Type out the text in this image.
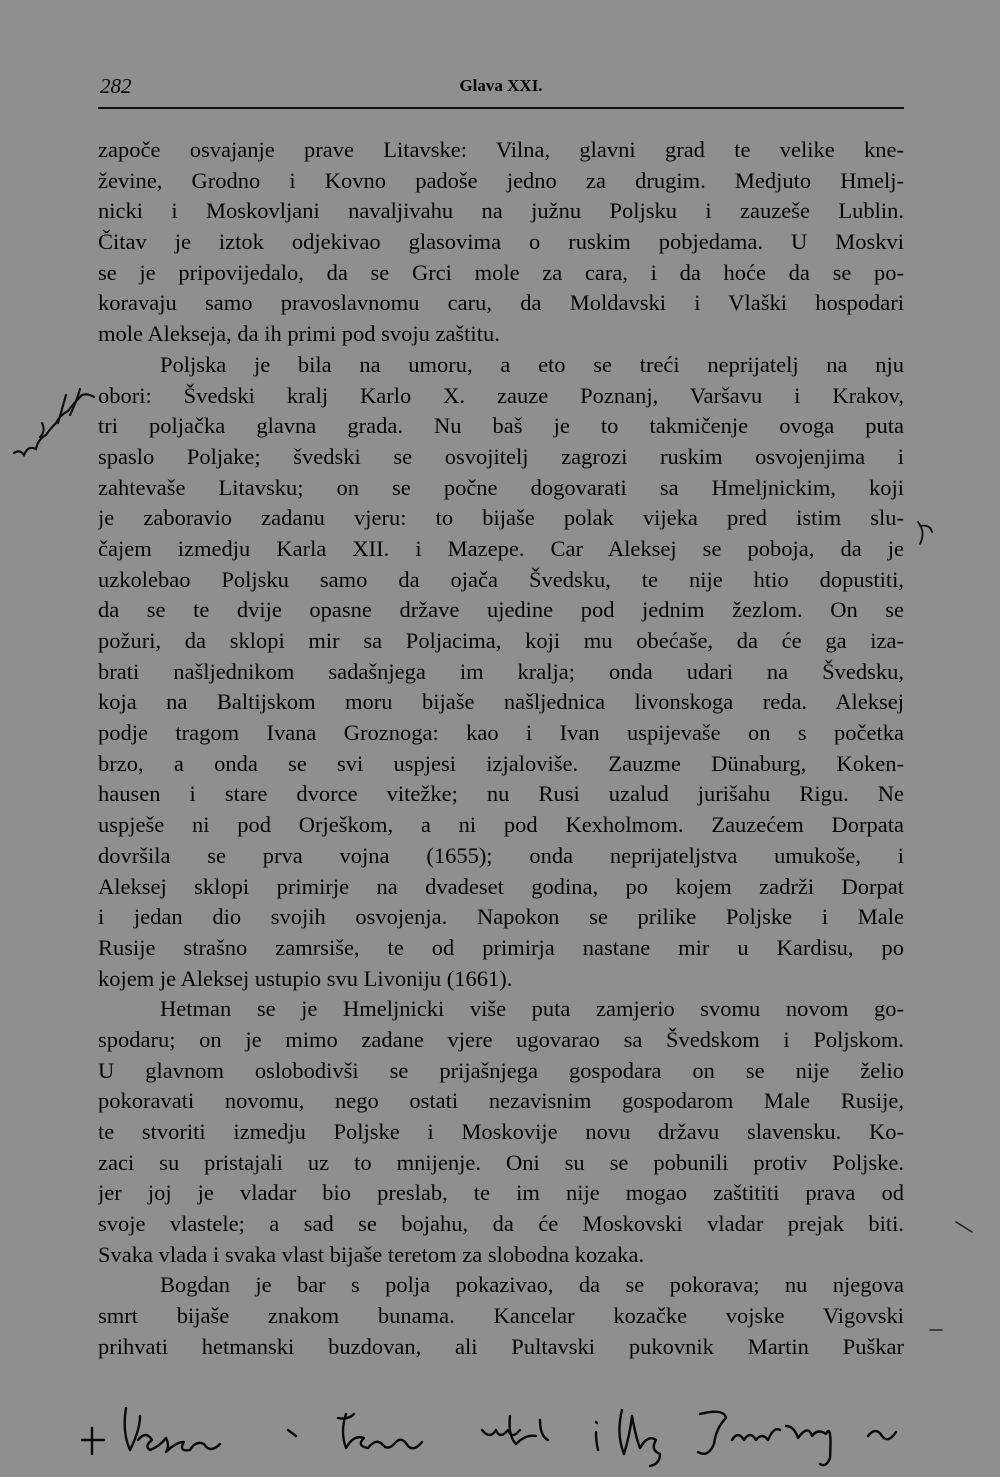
282	Glava XXI.
započe osvajanje prave Litavske: Vilna, glavni grad te velike kne-
ževine, Grodno i Kovno padoše jedno za drugim. Medjuto Hmelj-
nicki i Moskovljani navaljivahu na južnu Poljsku i zauzeše Lublin.
Čitav je iztok odjekivao glasovima o ruskim pobjedama. U Moskvi
se je pripovijedalo, da se Grci mole za cara, i da hoće da se po-
koravaju samo pravoslavnomu caru, da Moldavski i Vlaški hospodari
mole Alekseja, da ih primi pod svoju zaštitu.
Poljska je bila na umoru, a eto se treći neprijatelj na nju
obori: Švedski kralj Karlo X. zauze Poznanj, Varšavu i Krakov,
tri poljačka glavna grada. Nu baš je to takmičenje ovoga puta
spaslo Poljake; švedski se osvojitelj zagrozi ruskim osvojenjima i
zahtevaše Litavsku; on se počne dogovarati sa Hmeljnickim, koji
je zaboravio zadanu vjeru: to bijaše polak vijeka pred istim slu-
čajem izmedju Karla XII. i Mazepe. Car Aleksej se poboja, da je
uzkolebao Poljsku samo da ojača Švedsku, te nije htio dopustiti,
da se te dvije opasne države ujedine pod jednim žezlom. On se
požuri, da sklopi mir sa Poljacima, koji mu obećaše, da će ga iza-
brati našljednikom sadašnjega im kralja; onda udari na Švedsku,
koja na Baltijskom moru bijaše našljednica livonskoga reda. Aleksej
podje tragom Ivana Groznoga: kao i Ivan uspijevaše on s početka
brzo, a onda se svi uspjesi izjaloviše. Zauzme Dünaburg, Koken-
hausen i stare dvorce vitežke; nu Rusi uzalud jurišahu Rigu. Ne
uspješe ni pod Orješkom, a ni pod Kexholmom. Zauzećem Dorpata
dovršila se prva vojna (1655); onda neprijateljstva umukoše, i
Aleksej sklopi primirje na dvadeset godina, po kojem zadrži Dorpat
i jedan dio svojih osvojenja. Napokon se prilike Poljske i Male
Rusije strašno zamrsiše, te od primirja nastane mir u Kardisu, po
kojem je Aleksej ustupio svu Livoniju (1661).
Hetman se je Hmeljnicki više puta zamjerio svomu novom go-
spodaru; on je mimo zadane vjere ugovarao sa Švedskom i Poljskom.
U glavnom oslobodivši se prijašnjega gospodara on se nije želio
pokoravati novomu, nego ostati nezavisnim gospodarom Male Rusije,
te stvoriti izmedju Poljske i Moskovije novu državu slavensku. Ko-
zaci su pristajali uz to mnijenje. Oni su se pobunili protiv Poljske.
jer joj je vladar bio preslab, te im nije mogao zaštititi prava od
svoje vlastele; a sad se bojahu, da će Moskovski vladar prejak biti.
Svaka vlada i svaka vlast bijaše teretom za slobodna kozaka.
Bogdan je bar s polja pokazivao, da se pokorava; nu njegova
smrt bijaše znakom bunama. Kancelar kozačke vojske Vigovski
prihvati hetmanski buzdovan, ali Pultavski pukovnik Martin Puškar
